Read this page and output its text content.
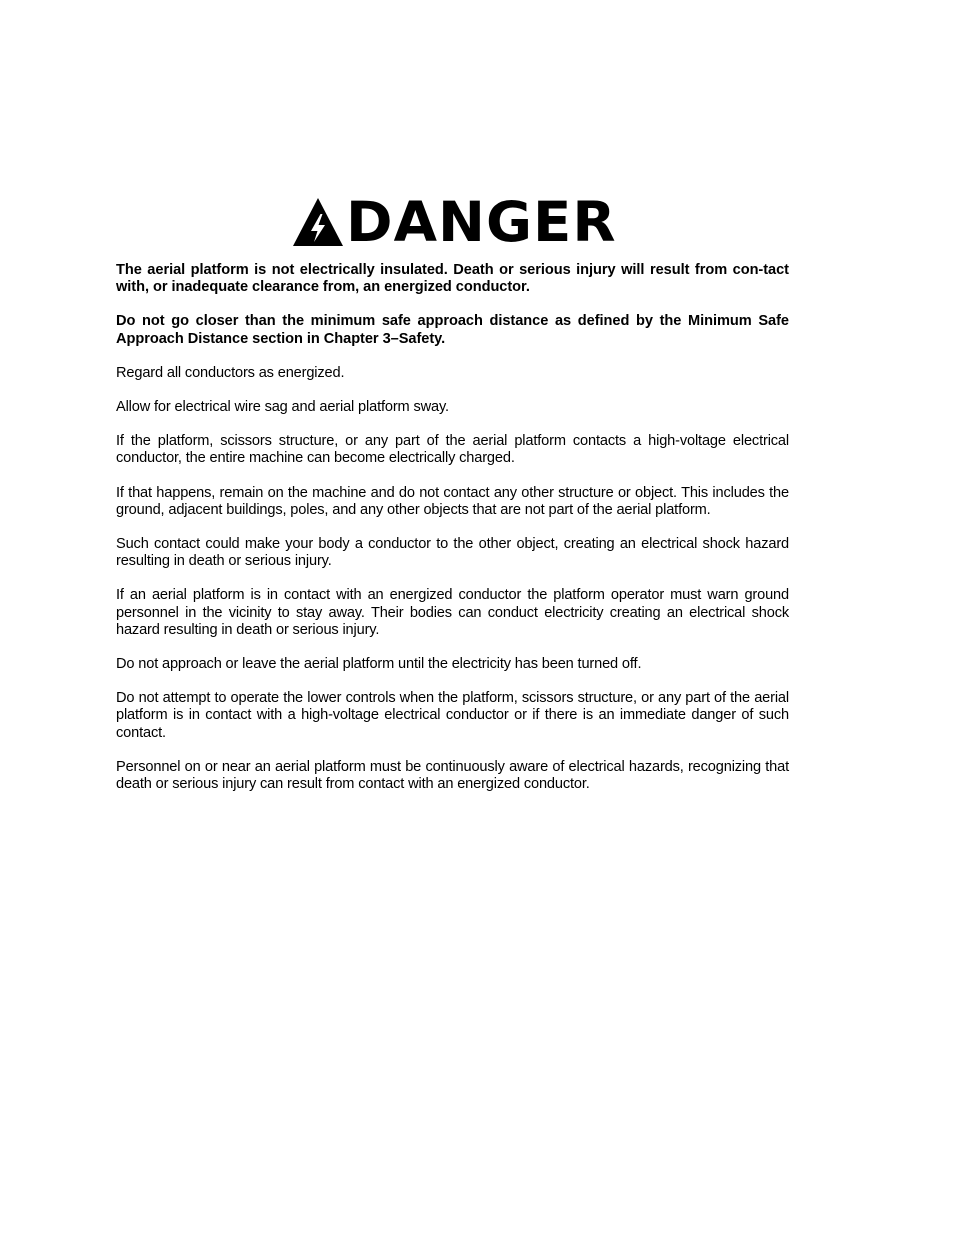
DANGER

The aerial platform is not electrically insulated. Death or serious injury will result from con-tact with, or inadequate clearance from, an energized conductor.

Do not go closer than the minimum safe approach distance as defined by the Minimum Safe Approach Distance section in Chapter 3–Safety.

Regard all conductors as energized.

Allow for electrical wire sag and aerial platform sway.

If the platform, scissors structure, or any part of the aerial platform contacts a high-voltage electrical conductor, the entire machine can become electrically charged.

If that happens, remain on the machine and do not contact any other structure or object. This includes the ground, adjacent buildings, poles, and any other objects that are not part of the aerial platform.

Such contact could make your body a conductor to the other object, creating an electrical shock hazard resulting in death or serious injury.

If an aerial platform is in contact with an energized conductor the platform operator must warn ground personnel in the vicinity to stay away. Their bodies can conduct electricity creating an electrical shock hazard resulting in death or serious injury.

Do not approach or leave the aerial platform until the electricity has been turned off.

Do not attempt to operate the lower controls when the platform, scissors structure, or any part of the aerial platform is in contact with a high-voltage electrical conductor or if there is an immediate danger of such contact.

Personnel on or near an aerial platform must be continuously aware of electrical hazards, recognizing that death or serious injury can result from contact with an energized conductor.
